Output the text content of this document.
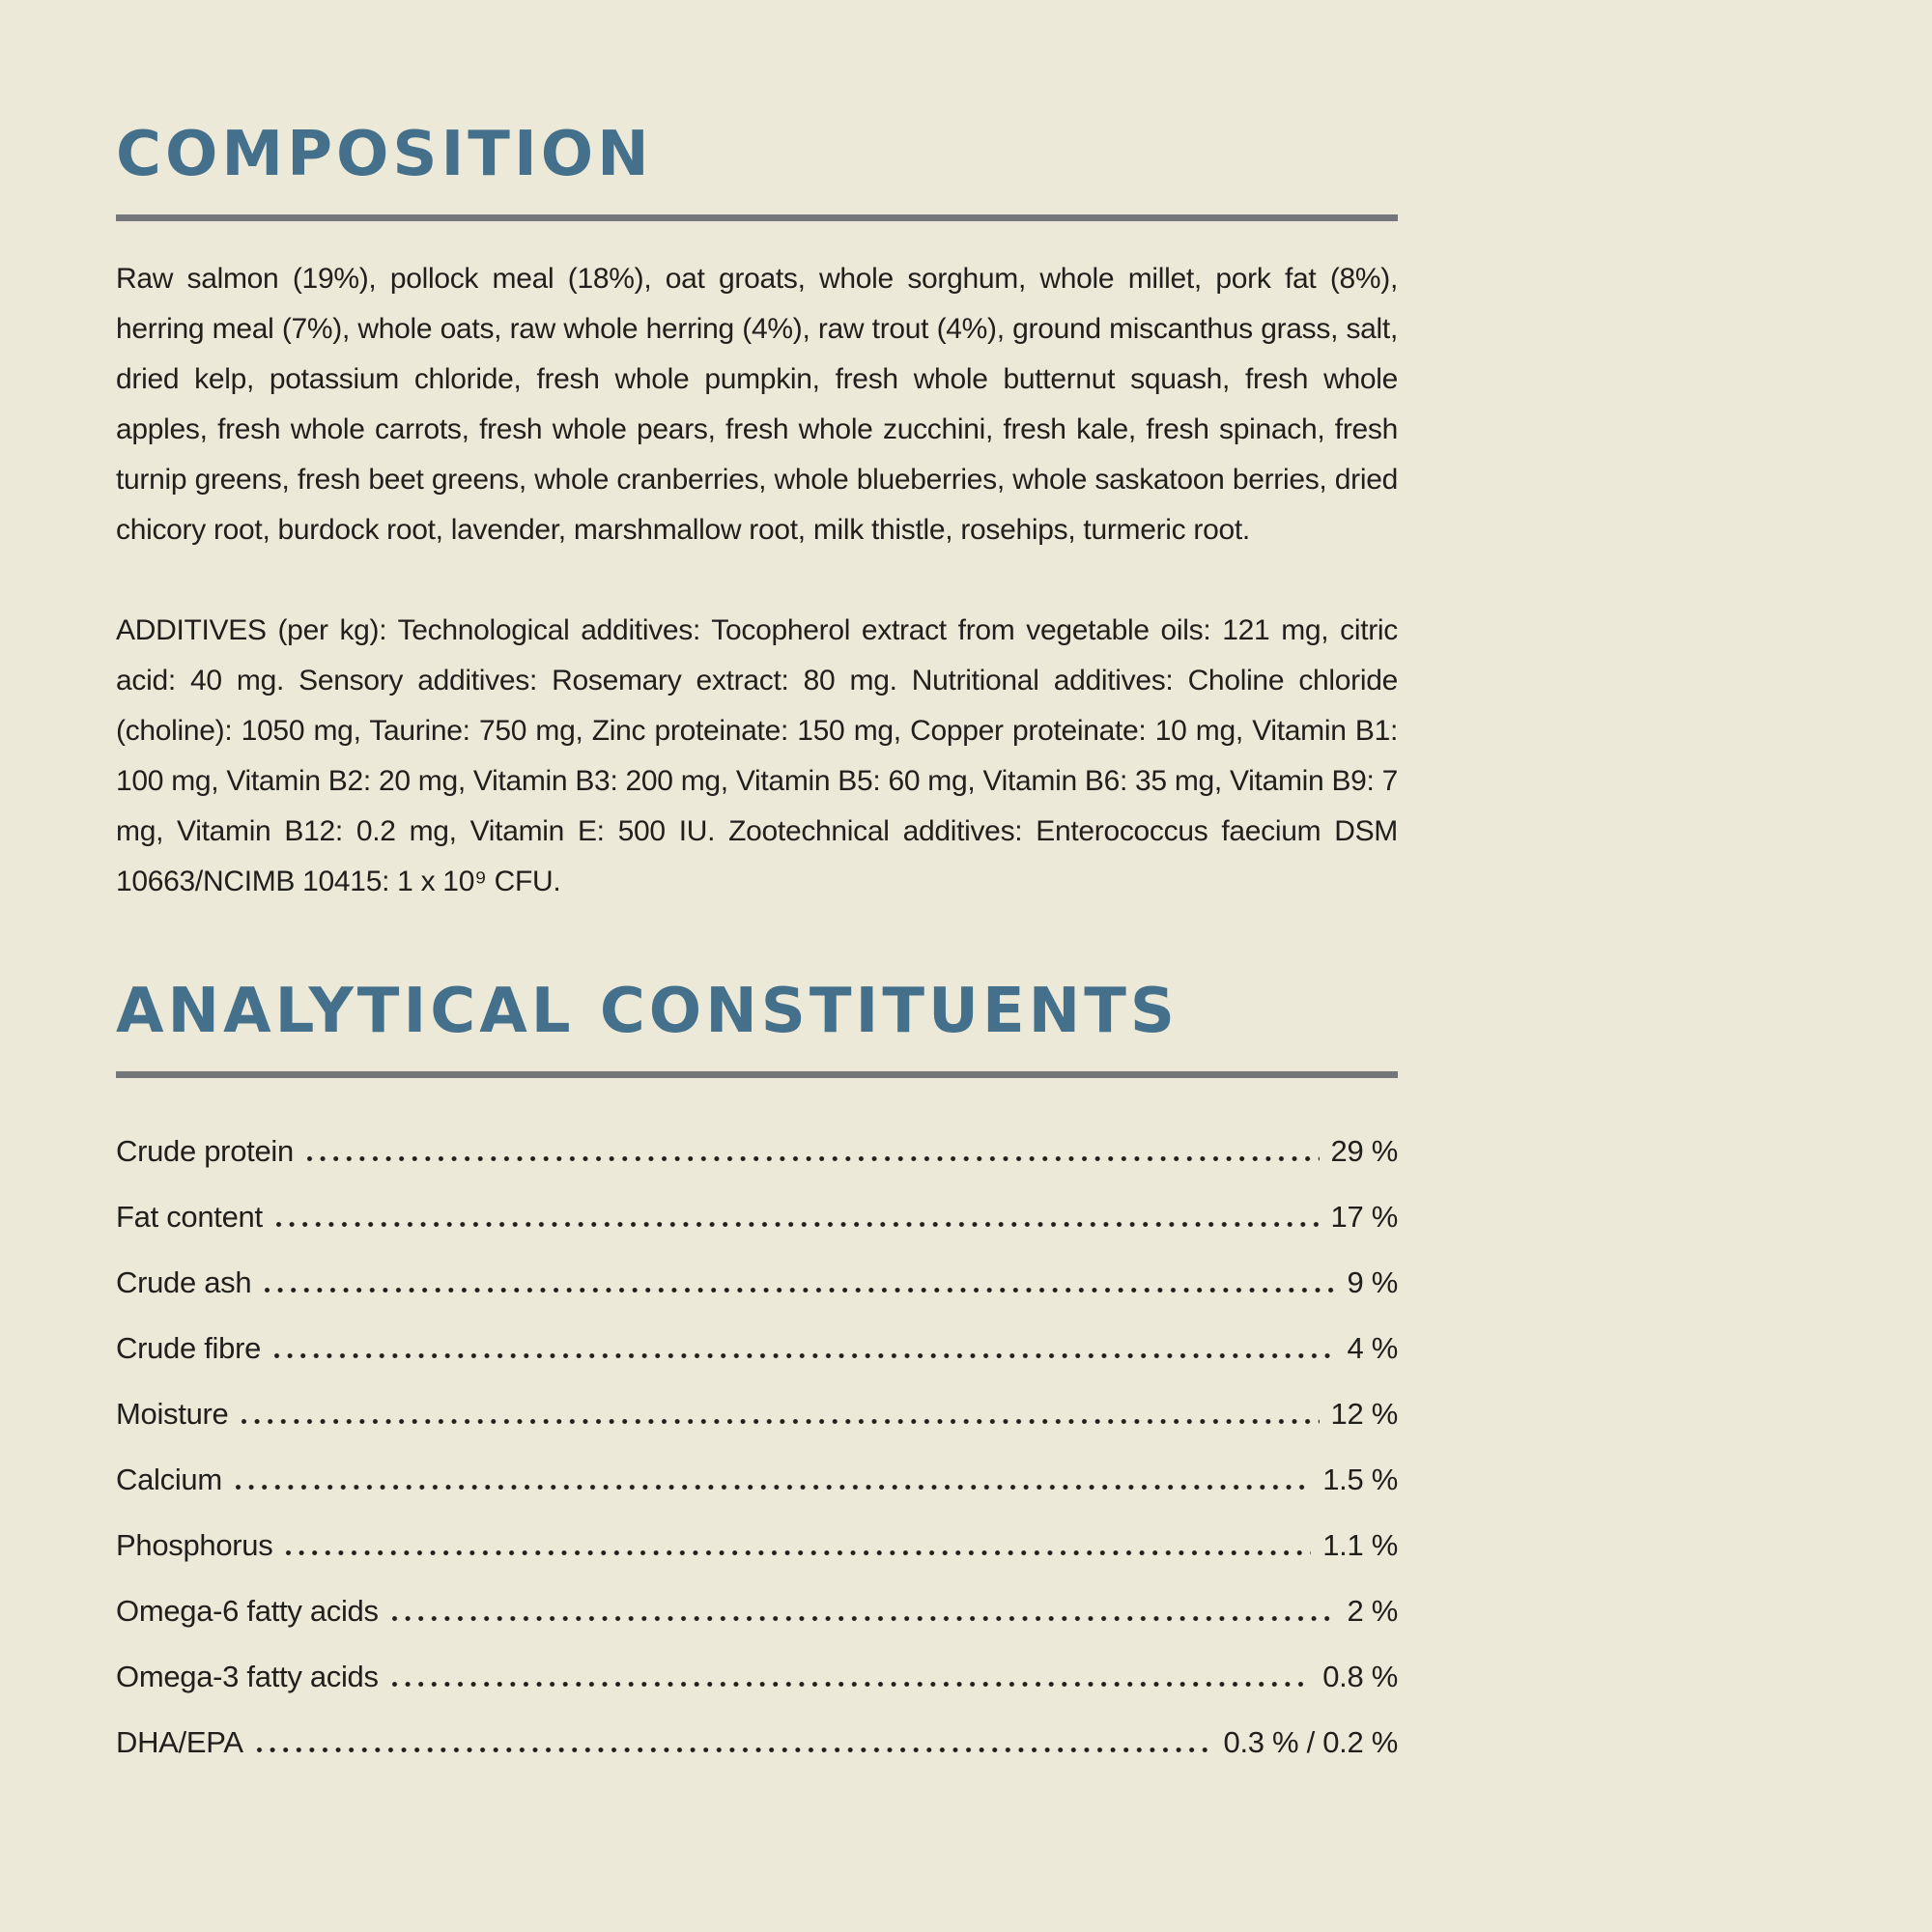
COMPOSITION

Raw salmon (19%), pollock meal (18%), oat groats, whole sorghum, whole millet, pork fat (8%), herring meal (7%), whole oats, raw whole herring (4%), raw trout (4%), ground miscanthus grass, salt, dried kelp, potassium chloride, fresh whole pumpkin, fresh whole butternut squash, fresh whole apples, fresh whole carrots, fresh whole pears, fresh whole zucchini, fresh kale, fresh spinach, fresh turnip greens, fresh beet greens, whole cranberries, whole blueberries, whole saskatoon berries, dried chicory root, burdock root, lavender, marshmallow root, milk thistle, rosehips, turmeric root.

ADDITIVES (per kg): Technological additives: Tocopherol extract from vegetable oils: 121 mg, citric acid: 40 mg. Sensory additives: Rosemary extract: 80 mg. Nutritional additives: Choline chloride (choline): 1050 mg, Taurine: 750 mg, Zinc proteinate: 150 mg, Copper proteinate: 10 mg, Vitamin B1: 100 mg, Vitamin B2: 20 mg, Vitamin B3: 200 mg, Vitamin B5: 60 mg, Vitamin B6: 35 mg, Vitamin B9: 7 mg, Vitamin B12: 0.2 mg, Vitamin E: 500 IU. Zootechnical additives: Enterococcus faecium DSM 10663/NCIMB 10415: 1 x 10⁹ CFU.

ANALYTICAL CONSTITUENTS
Crude protein	29 %
Fat content	17 %
Crude ash	9 %
Crude fibre	4 %
Moisture	12 %
Calcium	1.5 %
Phosphorus	1.1 %
Omega-6 fatty acids	2 %
Omega-3 fatty acids	0.8 %
DHA/EPA	0.3 % / 0.2 %
